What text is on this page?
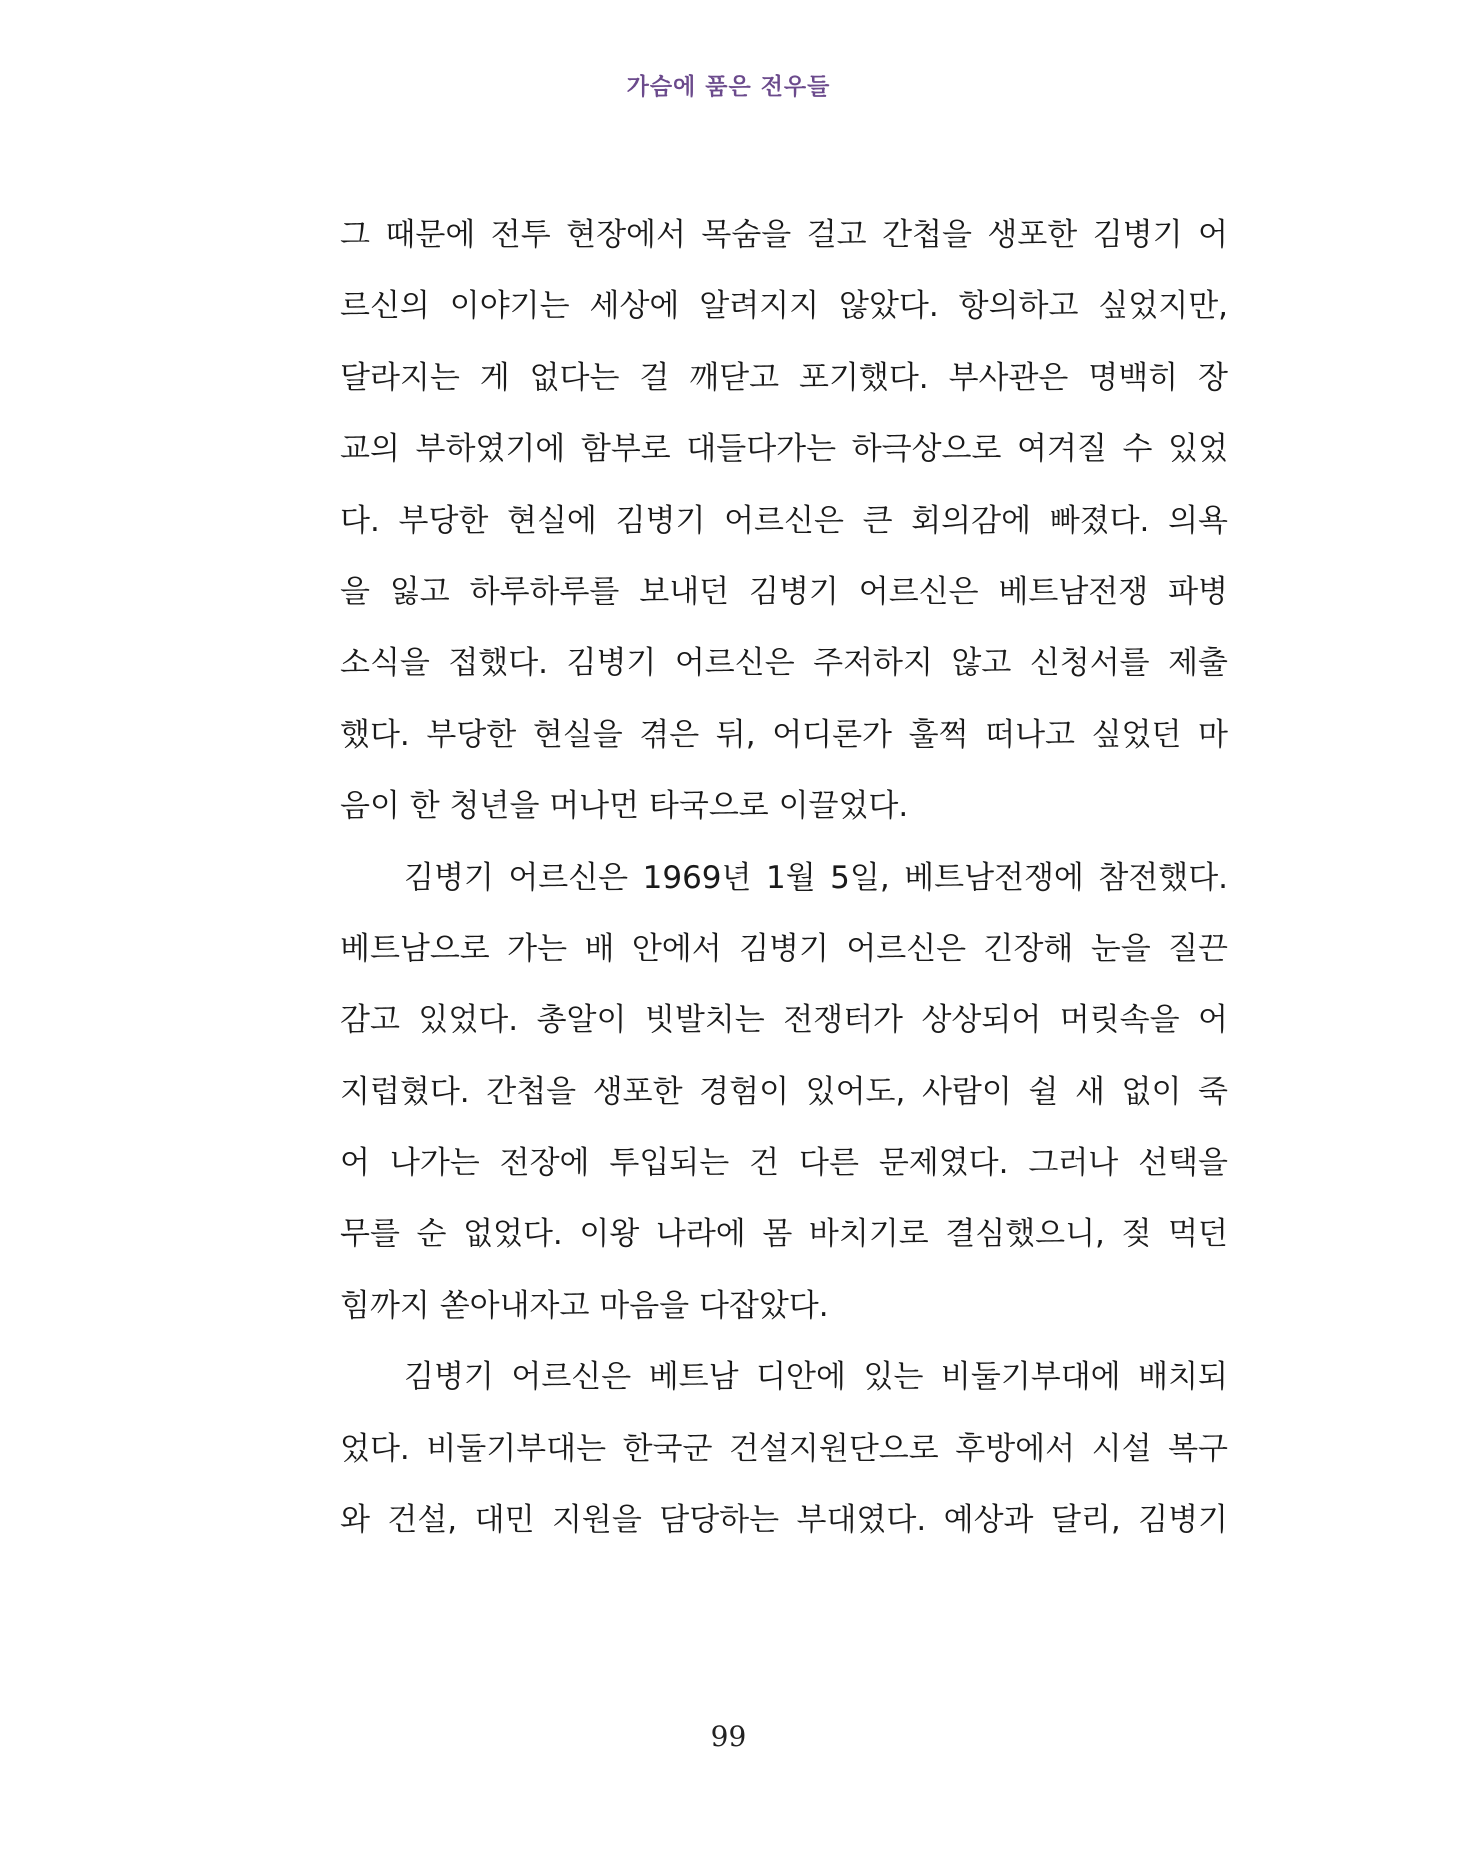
가슴에 품은 전우들

그 때문에 전투 현장에서 목숨을 걸고 간첩을 생포한 김병기 어
르신의 이야기는 세상에 알려지지 않았다. 항의하고 싶었지만,
달라지는 게 없다는 걸 깨닫고 포기했다. 부사관은 명백히 장
교의 부하였기에 함부로 대들다가는 하극상으로 여겨질 수 있었
다. 부당한 현실에 김병기 어르신은 큰 회의감에 빠졌다. 의욕
을 잃고 하루하루를 보내던 김병기 어르신은 베트남전쟁 파병
소식을 접했다. 김병기 어르신은 주저하지 않고 신청서를 제출
했다. 부당한 현실을 겪은 뒤, 어디론가 훌쩍 떠나고 싶었던 마
음이 한 청년을 머나먼 타국으로 이끌었다.

김병기 어르신은 1969년 1월 5일, 베트남전쟁에 참전했다.
베트남으로 가는 배 안에서 김병기 어르신은 긴장해 눈을 질끈
감고 있었다. 총알이 빗발치는 전쟁터가 상상되어 머릿속을 어
지럽혔다. 간첩을 생포한 경험이 있어도, 사람이 쉴 새 없이 죽
어 나가는 전장에 투입되는 건 다른 문제였다. 그러나 선택을
무를 순 없었다. 이왕 나라에 몸 바치기로 결심했으니, 젖 먹던
힘까지 쏟아내자고 마음을 다잡았다.

김병기 어르신은 베트남 디안에 있는 비둘기부대에 배치되
었다. 비둘기부대는 한국군 건설지원단으로 후방에서 시설 복구
와 건설, 대민 지원을 담당하는 부대였다. 예상과 달리, 김병기

99
